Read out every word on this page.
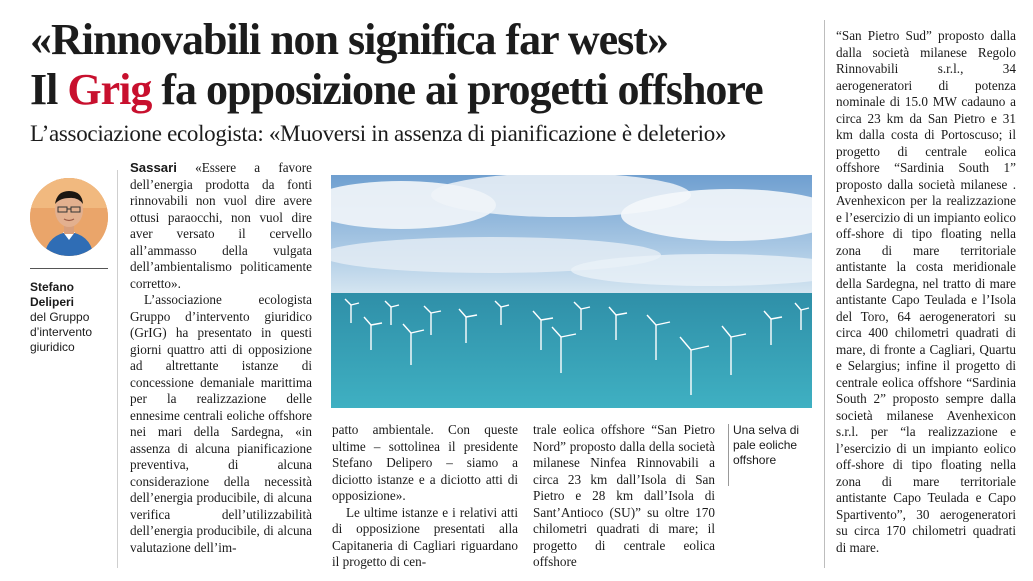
«Rinnovabili non significa far west»
Il Grig fa opposizione ai progetti offshore
L’associazione ecologista: «Muoversi in assenza di pianificazione è deleterio»

Stefano
Deliperi

del Gruppo d’intervento giuridico

Sassari «Essere a favore dell’energia prodotta da fonti rinnovabili non vuol dire avere ottusi paraocchi, non vuol dire aver versato il cervello all’ammasso della vulgata dell’ambientalismo politicamente corretto».

L’associazione ecologista Gruppo d’intervento giuridico (GrIG) ha presentato in questi giorni quattro atti di opposizione ad altrettante istanze di concessione demaniale marittima per la realizzazione delle ennesime centrali eoliche offshore nei mari della Sardegna, «in assenza di alcuna pianificazione preventiva, di alcuna considerazione della necessità dell’energia producibile, di alcuna verifica dell’utilizzabilità dell’energia producibile, di alcuna valutazione dell’im-

Una selva di pale eoliche offshore

patto ambientale. Con queste ultime – sottolinea il presidente Stefano Delipero – siamo a diciotto istanze e a diciotto atti di opposizione».

Le ultime istanze e i relativi atti di opposizione presentati alla Capitaneria di Cagliari riguardano il progetto di cen-

trale eolica offshore “San Pietro Nord” proposto dalla della società milanese Ninfea Rinnovabili a circa 23 km dall’Isola di San Pietro e 28 km dall’Isola di Sant’Antioco (SU)” su oltre 170 chilometri quadrati di mare; il progetto di centrale eolica offshore

“San Pietro Sud” proposto dalla dalla società milanese Regolo Rinnovabili s.r.l., 34 aerogeneratori di potenza nominale di 15.0 MW cadauno a circa 23 km da San Pietro e 31 km dalla costa di Portoscuso; il progetto di centrale eolica offshore “Sardinia South 1” proposto dalla società milanese . Avenhexicon per la realizzazione e l’esercizio di un impianto eolico off-shore di tipo floating nella zona di mare territoriale antistante la costa meridionale della Sardegna, nel tratto di mare antistante Capo Teulada e l’Isola del Toro, 64 aerogeneratori su circa 400 chilometri quadrati di mare, di fronte a Cagliari, Quartu e Selargius; infine il progetto di centrale eolica offshore “Sardinia South 2” proposto sempre dalla società milanese Avenhexicon s.r.l. per “la realizzazione e l’esercizio di un impianto eolico off-shore di tipo floating nella zona di mare territoriale antistante Capo Teulada e Capo Spartivento”, 30 aerogeneratori su circa 170 chilometri quadrati di mare.
